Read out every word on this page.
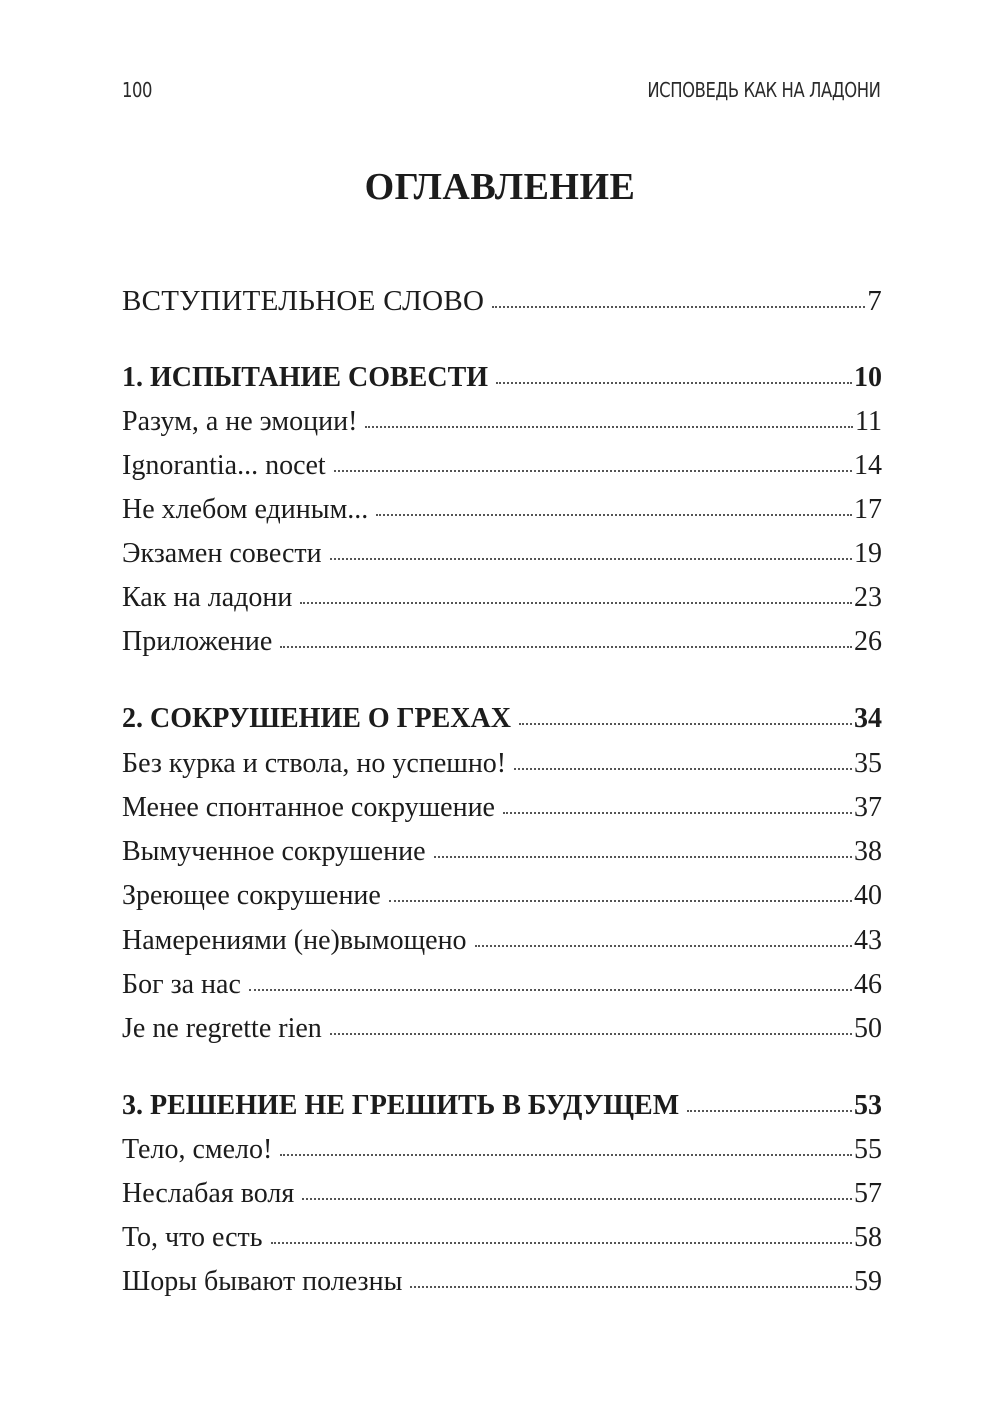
100	ИСПОВЕДЬ КАК НА ЛАДОНИ
ОГЛАВЛЕНИЕ
ВСТУПИТЕЛЬНОЕ СЛОВО	7
1. ИСПЫТАНИЕ СОВЕСТИ	10
Разум, а не эмоции!	11
Ignorantia... nocet	14
Не хлебом единым...	17
Экзамен совести	19
Как на ладони	23
Приложение	26
2. СОКРУШЕНИЕ О ГРЕХАХ	34
Без курка и ствола, но успешно!	35
Менее спонтанное сокрушение	37
Вымученное сокрушение	38
Зреющее сокрушение	40
Намерениями (не)вымощено	43
Бог за нас	46
Je ne regrette rien	50
3. РЕШЕНИЕ НЕ ГРЕШИТЬ В БУДУЩЕМ	53
Тело, смело!	55
Неслабая воля	57
То, что есть	58
Шоры бывают полезны	59
